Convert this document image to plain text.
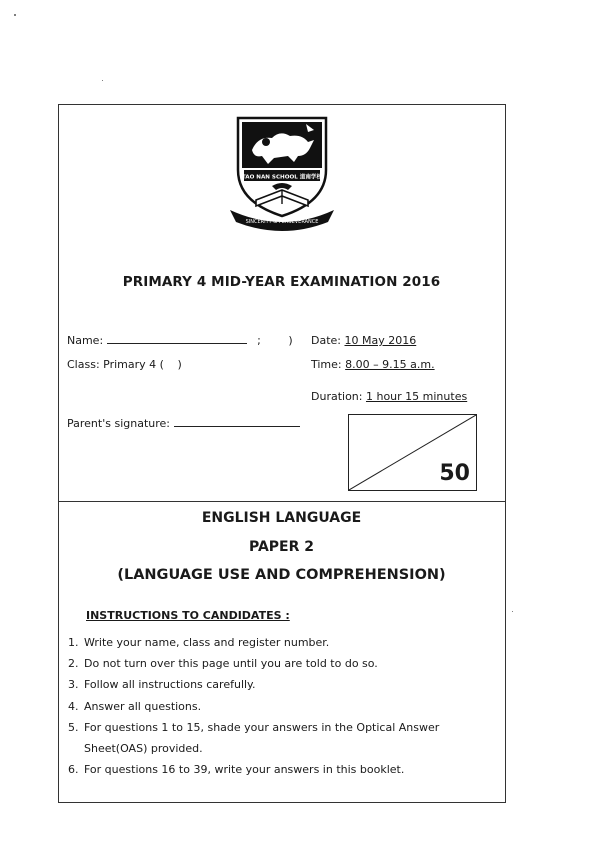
TAO NAN SCHOOL 道南学校
SINCERITY & PERSEVERANCE
PRIMARY 4 MID-YEAR EXAMINATION 2016
Name:	;	)
Class: Primary 4 ( )
Parent's signature:
Date: 10 May 2016
Time: 8.00 – 9.15 a.m.
Duration: 1 hour 15 minutes
50
ENGLISH LANGUAGE
PAPER 2
(LANGUAGE USE AND COMPREHENSION)
INSTRUCTIONS TO CANDIDATES :
1. Write your name, class and register number.
2. Do not turn over this page until you are told to do so.
3. Follow all instructions carefully.
4. Answer all questions.
5. For questions 1 to 15, shade your answers in the Optical Answer
Sheet(OAS) provided.
6. For questions 16 to 39, write your answers in this booklet.
